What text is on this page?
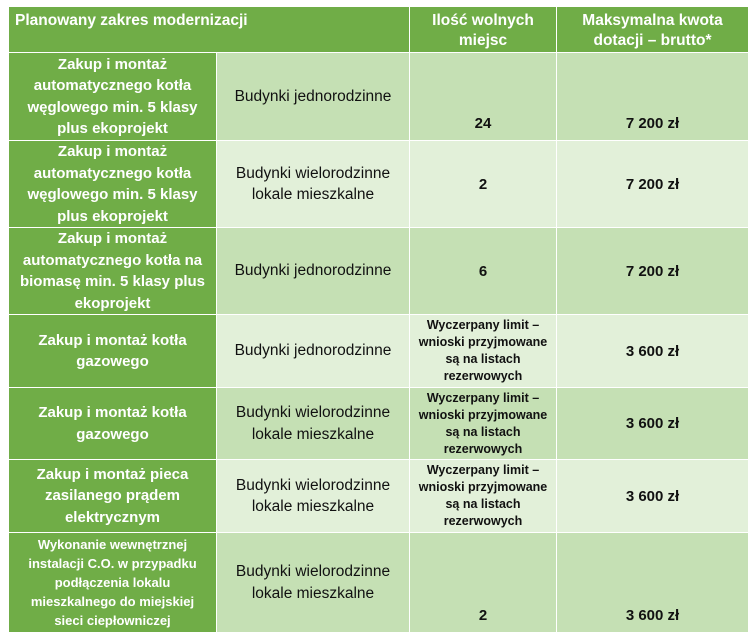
Planowany zakres modernizacji		Ilość wolnych miejsc	Maksymalna kwota dotacji – brutto*
Zakup i montaż automatycznego kotła węglowego min. 5 klasy plus ekoprojekt	Budynki jednorodzinne	24	7 200 zł
Zakup i montaż automatycznego kotła węglowego min. 5 klasy plus ekoprojekt	Budynki wielorodzinne lokale mieszkalne	2	7 200 zł
Zakup i montaż automatycznego kotła na biomasę min. 5 klasy plus ekoprojekt	Budynki jednorodzinne	6	7 200 zł
Zakup i montaż kotła gazowego	Budynki jednorodzinne	Wyczerpany limit – wnioski przyjmowane są na listach rezerwowych	3 600 zł
Zakup i montaż kotła gazowego	Budynki wielorodzinne lokale mieszkalne	Wyczerpany limit – wnioski przyjmowane są na listach rezerwowych	3 600 zł
Zakup i montaż pieca zasilanego prądem elektrycznym	Budynki wielorodzinne lokale mieszkalne	Wyczerpany limit – wnioski przyjmowane są na listach rezerwowych	3 600 zł
Wykonanie wewnętrznej instalacji C.O. w przypadku podłączenia lokalu mieszkalnego do miejskiej sieci ciepłowniczej	Budynki wielorodzinne lokale mieszkalne	2	3 600 zł
